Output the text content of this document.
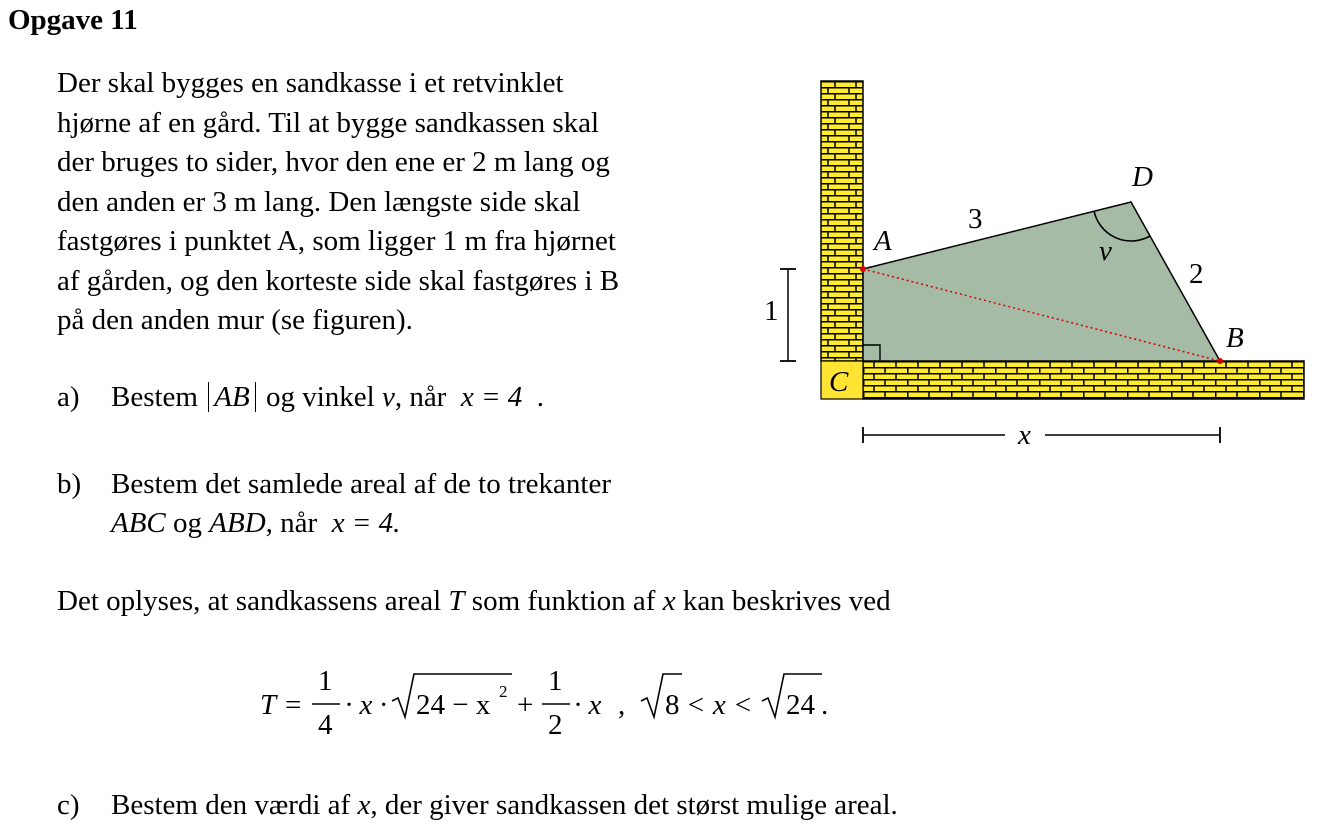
Opgave 11
Der skal bygges en sandkasse i et retvinklet
hjørne af en gård. Til at bygge sandkassen skal
der bruges to sider, hvor den ene er 2 m lang og
den anden er 3 m lang. Den længste side skal
fastgøres i punktet A, som ligger 1 m fra hjørnet
af gården, og den korteste side skal fastgøres i B
på den anden mur (se figuren).
a) Bestem AB og vinkel v, når x = 4 .
b) Bestem det samlede areal af de to trekanter
ABC og ABD, når x = 4.
Det oplyses, at sandkassens areal T som funktion af x kan beskrives ved
T =
1
4
· x · 24 − x 2 +
1
2
· x , 8 < x < 24 .
c) Bestem den værdi af x, der giver sandkassen det størst mulige areal.
1
x
A
B
C
D
3
2
v
